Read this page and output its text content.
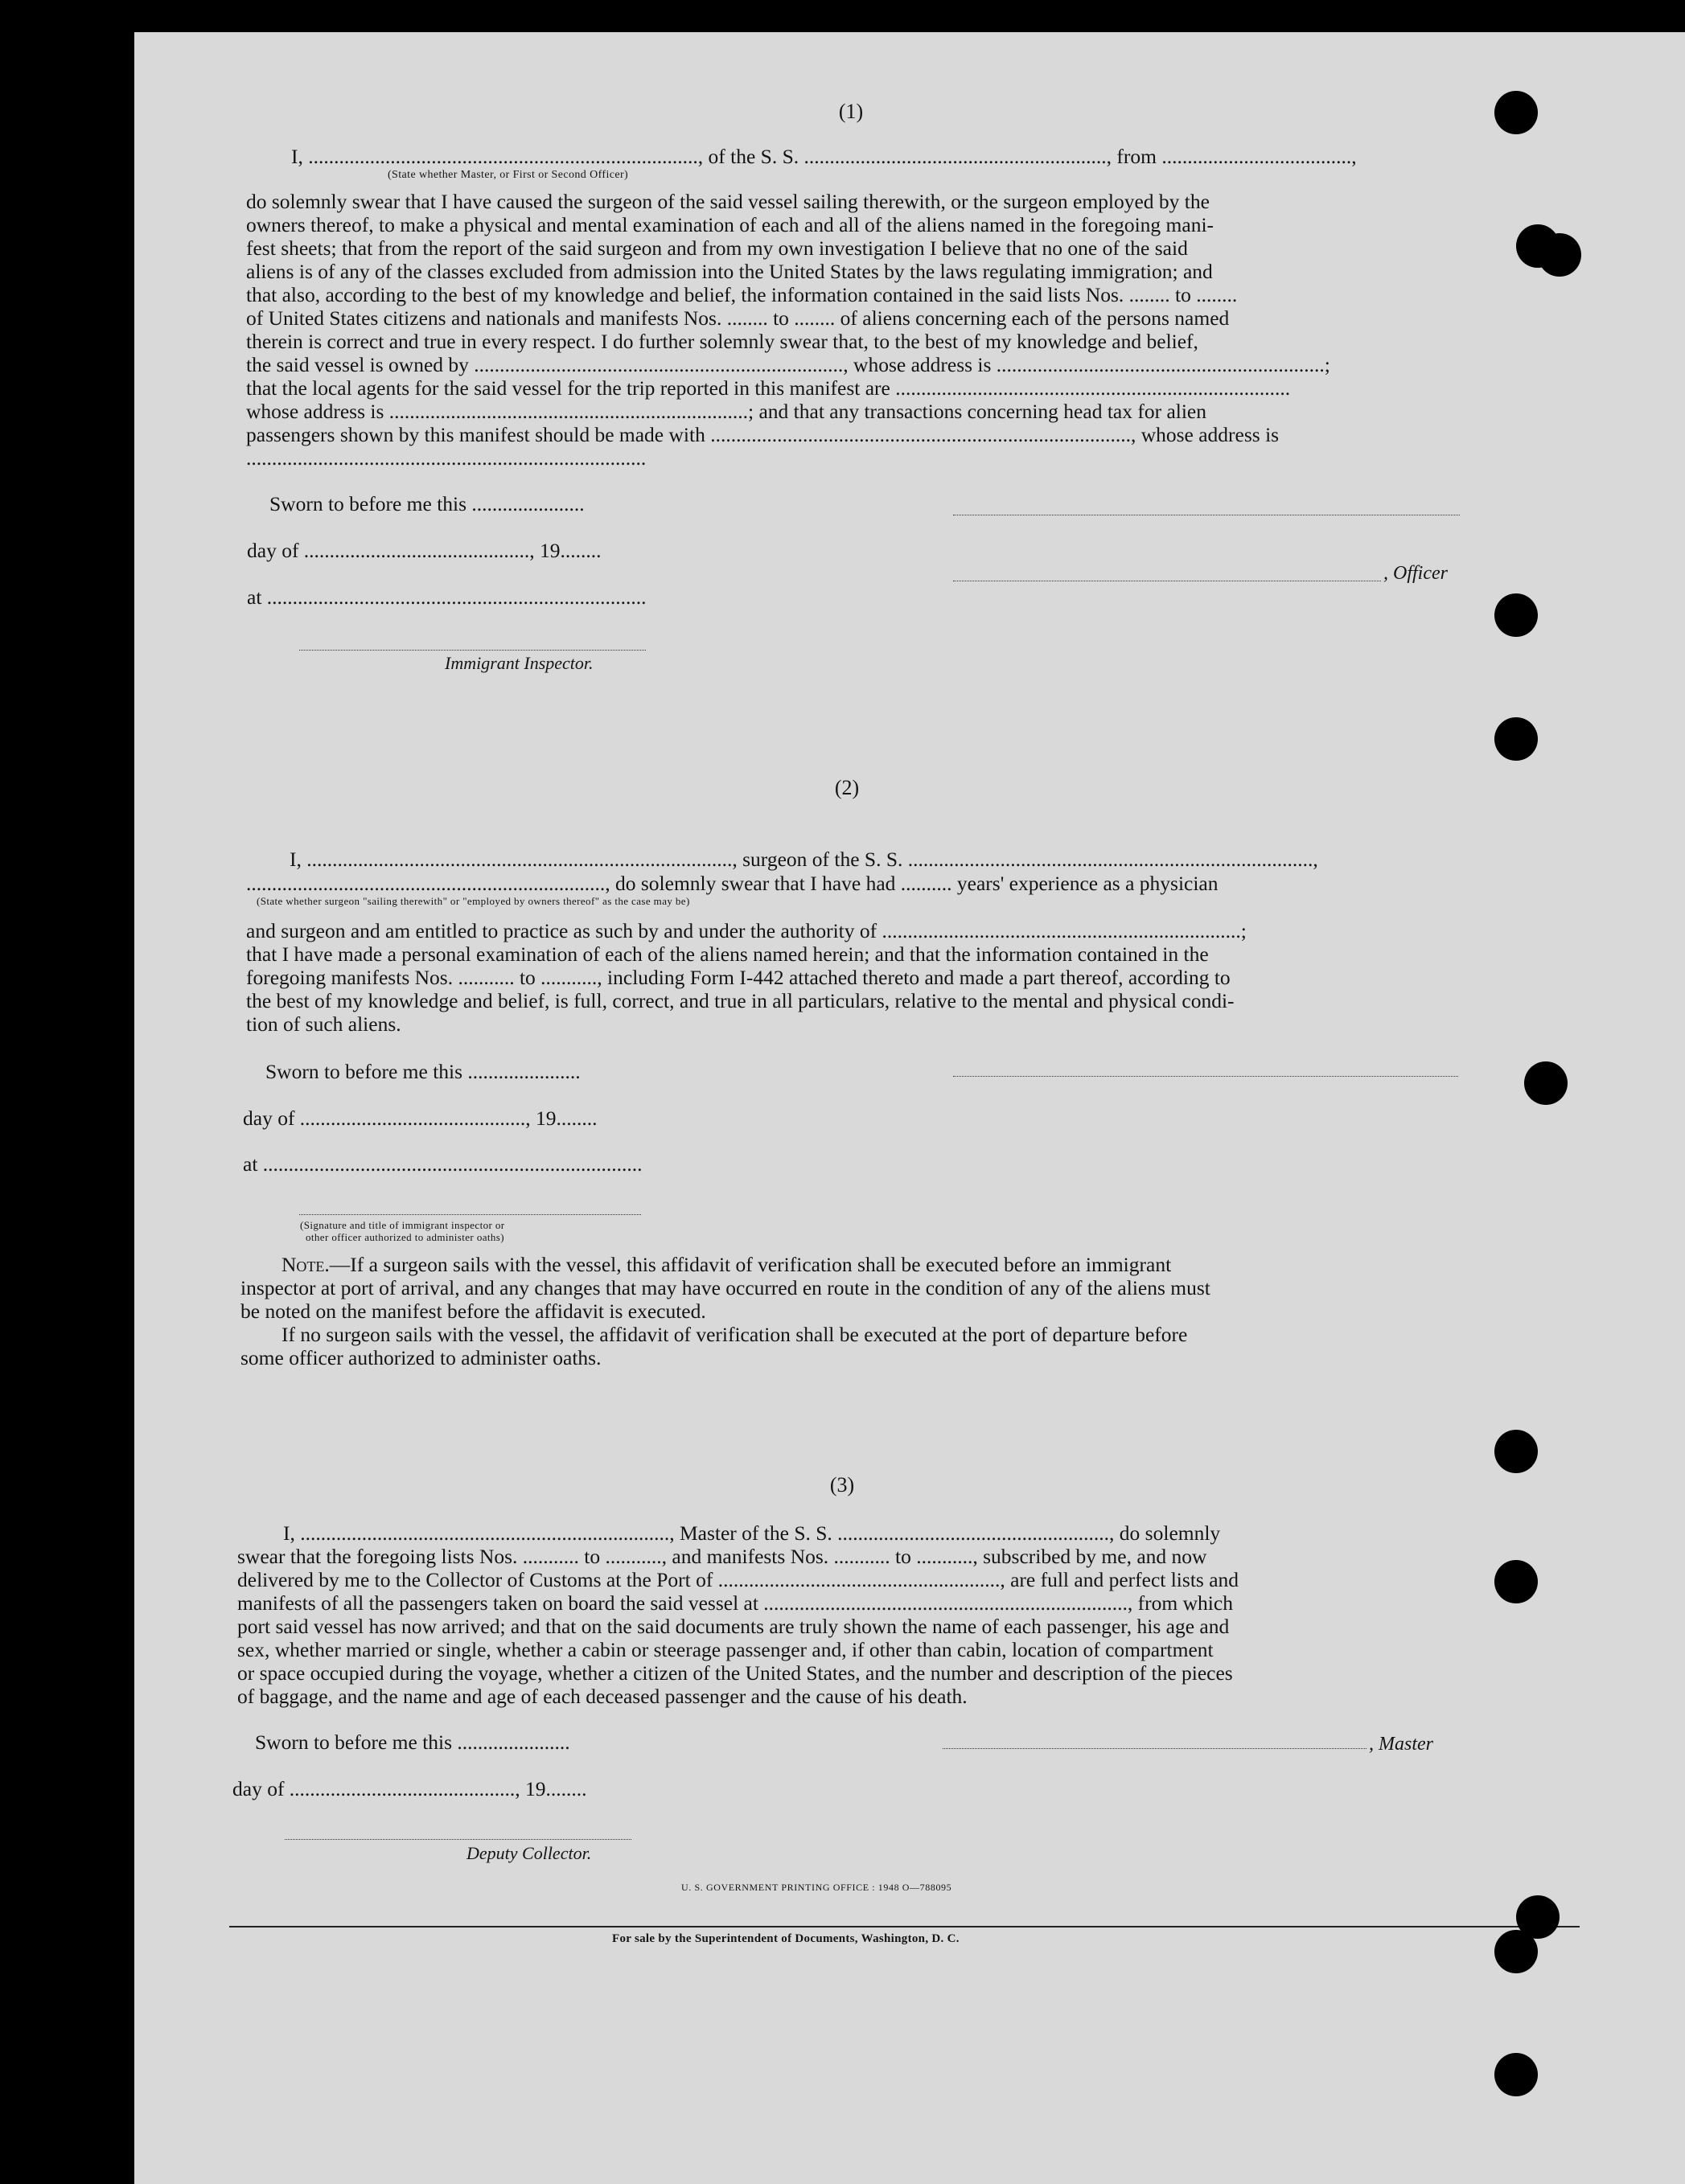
(1)
I, ............................................................................, of the S. S. ..........................................................., from .....................................,
(State whether Master, or First or Second Officer)

do solemnly swear that I have caused the surgeon of the said vessel sailing therewith, or the surgeon employed by the

owners thereof, to make a physical and mental examination of each and all of the aliens named in the foregoing mani-

fest sheets; that from the report of the said surgeon and from my own investigation I believe that no one of the said

aliens is of any of the classes excluded from admission into the United States by the laws regulating immigration; and

that also, according to the best of my knowledge and belief, the information contained in the said lists Nos. ........ to ........

of United States citizens and nationals and manifests Nos. ........ to ........ of aliens concerning each of the persons named

therein is correct and true in every respect. I do further solemnly swear that, to the best of my knowledge and belief,

the said vessel is owned by ........................................................................, whose address is ................................................................;

that the local agents for the said vessel for the trip reported in this manifest are .............................................................................

whose address is ......................................................................; and that any transactions concerning head tax for alien

passengers shown by this manifest should be made with .................................................................................., whose address is

..............................................................................

Sworn to before me this ......................
day of ............................................, 19........
at ..........................................................................
Immigrant Inspector.
, Officer
(2)
I, ..................................................................................., surgeon of the S. S. ...............................................................................,
......................................................................, do solemnly swear that I have had .......... years' experience as a physician
(State whether surgeon "sailing therewith" or "employed by owners thereof" as the case may be)

and surgeon and am entitled to practice as such by and under the authority of ......................................................................;

that I have made a personal examination of each of the aliens named herein; and that the information contained in the

foregoing manifests Nos. ........... to ..........., including Form I-442 attached thereto and made a part thereof, according to

the best of my knowledge and belief, is full, correct, and true in all particulars, relative to the mental and physical condi-

tion of such aliens.

Sworn to before me this ......................
day of ............................................, 19........
at ..........................................................................
(Signature and title of immigrant inspector or
other officer authorized to administer oaths)

Note.—If a surgeon sails with the vessel, this affidavit of verification shall be executed before an immigrant

inspector at port of arrival, and any changes that may have occurred en route in the condition of any of the aliens must

be noted on the manifest before the affidavit is executed.

If no surgeon sails with the vessel, the affidavit of verification shall be executed at the port of departure before

some officer authorized to administer oaths.

(3)
I, ........................................................................, Master of the S. S. ....................................................., do solemnly

swear that the foregoing lists Nos. ........... to ..........., and manifests Nos. ........... to ..........., subscribed by me, and now

delivered by me to the Collector of Customs at the Port of ......................................................., are full and perfect lists and

manifests of all the passengers taken on board the said vessel at ......................................................................., from which

port said vessel has now arrived; and that on the said documents are truly shown the name of each passenger, his age and

sex, whether married or single, whether a cabin or steerage passenger and, if other than cabin, location of compartment

or space occupied during the voyage, whether a citizen of the United States, and the number and description of the pieces

of baggage, and the name and age of each deceased passenger and the cause of his death.

Sworn to before me this ......................
day of ............................................, 19........
, Master
Deputy Collector.
U. S. GOVERNMENT PRINTING OFFICE : 1948 O—788095
For sale by the Superintendent of Documents, Washington, D. C.
